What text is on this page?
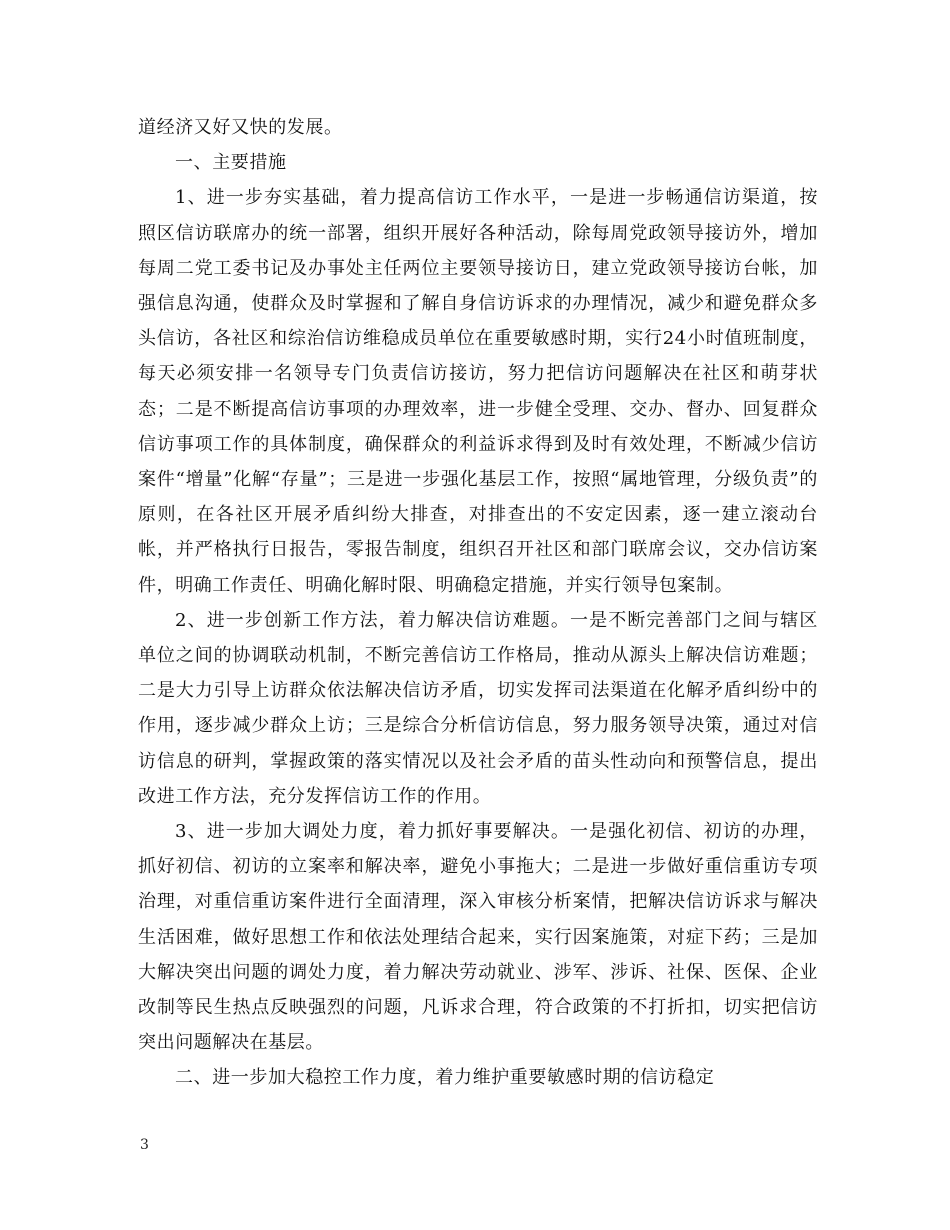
道经济又好又快的发展。

一、主要措施

1、进一步夯实基础，着力提高信访工作水平，一是进一步畅通信访渠道，按照区信访联席办的统一部署，组织开展好各种活动，除每周党政领导接访外，增加每周二党工委书记及办事处主任两位主要领导接访日，建立党政领导接访台帐，加强信息沟通，使群众及时掌握和了解自身信访诉求的办理情况，减少和避免群众多头信访，各社区和综治信访维稳成员单位在重要敏感时期，实行24小时值班制度，每天必须安排一名领导专门负责信访接访，努力把信访问题解决在社区和萌芽状态；二是不断提高信访事项的办理效率，进一步健全受理、交办、督办、回复群众信访事项工作的具体制度，确保群众的利益诉求得到及时有效处理，不断减少信访案件“增量”化解“存量”；三是进一步强化基层工作，按照“属地管理，分级负责”的原则，在各社区开展矛盾纠纷大排查，对排查出的不安定因素，逐一建立滚动台帐，并严格执行日报告，零报告制度，组织召开社区和部门联席会议，交办信访案件，明确工作责任、明确化解时限、明确稳定措施，并实行领导包案制。

2、进一步创新工作方法，着力解决信访难题。一是不断完善部门之间与辖区单位之间的协调联动机制，不断完善信访工作格局，推动从源头上解决信访难题；二是大力引导上访群众依法解决信访矛盾，切实发挥司法渠道在化解矛盾纠纷中的作用，逐步减少群众上访；三是综合分析信访信息，努力服务领导决策，通过对信访信息的研判，掌握政策的落实情况以及社会矛盾的苗头性动向和预警信息，提出改进工作方法，充分发挥信访工作的作用。

3、进一步加大调处力度，着力抓好事要解决。一是强化初信、初访的办理，抓好初信、初访的立案率和解决率，避免小事拖大；二是进一步做好重信重访专项治理，对重信重访案件进行全面清理，深入审核分析案情，把解决信访诉求与解决生活困难，做好思想工作和依法处理结合起来，实行因案施策，对症下药；三是加大解决突出问题的调处力度，着力解决劳动就业、涉军、涉诉、社保、医保、企业改制等民生热点反映强烈的问题，凡诉求合理，符合政策的不打折扣，切实把信访突出问题解决在基层。

二、进一步加大稳控工作力度，着力维护重要敏感时期的信访稳定

3
